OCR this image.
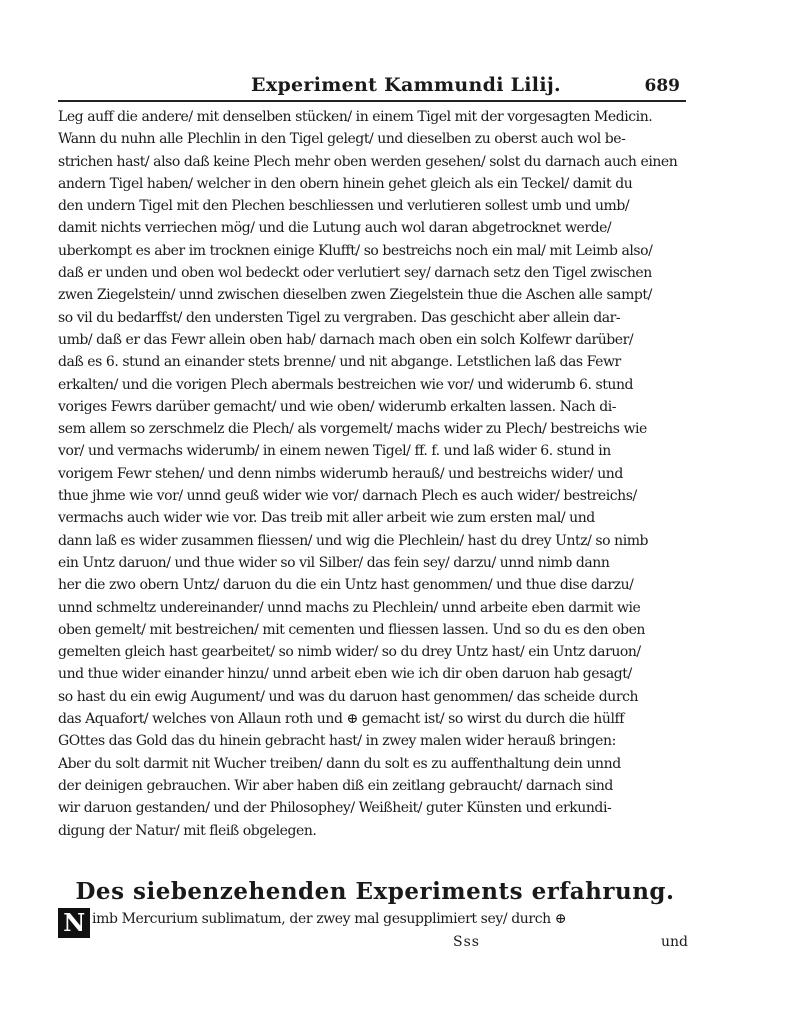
Experiment Kammundi Lilij.	689
Leg auff die andere/ mit denselben stücken/ in einem Tigel mit der vorgesagten Medicin.
Wann du nuhn alle Plechlin in den Tigel gelegt/ und dieselben zu oberst auch wol be-
strichen hast/ also daß keine Plech mehr oben werden gesehen/ solst du darnach auch einen
andern Tigel haben/ welcher in den obern hinein gehet gleich als ein Teckel/ damit du
den undern Tigel mit den Plechen beschliessen und verlutieren sollest umb und umb/
damit nichts verriechen mög/ und die Lutung auch wol daran abgetrocknet werde/
uberkompt es aber im trocknen einige Klufft/ so bestreichs noch ein mal/ mit Leimb also/
daß er unden und oben wol bedeckt oder verlutiert sey/ darnach setz den Tigel zwischen
zwen Ziegelstein/ unnd zwischen dieselben zwen Ziegelstein thue die Aschen alle sampt/
so vil du bedarffst/ den understen Tigel zu vergraben. Das geschicht aber allein dar-
umb/ daß er das Fewr allein oben hab/ darnach mach oben ein solch Kolfewr darüber/
daß es 6. stund an einander stets brenne/ und nit abgange. Letstlichen laß das Fewr
erkalten/ und die vorigen Plech abermals bestreichen wie vor/ und widerumb 6. stund
voriges Fewrs darüber gemacht/ und wie oben/ widerumb erkalten lassen. Nach di-
sem allem so zerschmelz die Plech/ als vorgemelt/ machs wider zu Plech/ bestreichs wie
vor/ und vermachs widerumb/ in einem newen Tigel/ ff. f. und laß wider 6. stund in
vorigem Fewr stehen/ und denn nimbs widerumb herauß/ und bestreichs wider/ und
thue jhme wie vor/ unnd geuß wider wie vor/ darnach Plech es auch wider/ bestreichs/
vermachs auch wider wie vor. Das treib mit aller arbeit wie zum ersten mal/ und
dann laß es wider zusammen fliessen/ und wig die Plechlein/ hast du drey Untz/ so nimb
ein Untz daruon/ und thue wider so vil Silber/ das fein sey/ darzu/ unnd nimb dann
her die zwo obern Untz/ daruon du die ein Untz hast genommen/ und thue dise darzu/
unnd schmeltz undereinander/ unnd machs zu Plechlein/ unnd arbeite eben darmit wie
oben gemelt/ mit bestreichen/ mit cementen und fliessen lassen. Und so du es den oben
gemelten gleich hast gearbeitet/ so nimb wider/ so du drey Untz hast/ ein Untz daruon/
und thue wider einander hinzu/ unnd arbeit eben wie ich dir oben daruon hab gesagt/
so hast du ein ewig Augument/ und was du daruon hast genommen/ das scheide durch
das Aquafort/ welches von Allaun roth und ⊕ gemacht ist/ so wirst du durch die hülff
GOttes das Gold das du hinein gebracht hast/ in zwey malen wider herauß bringen:
Aber du solt darmit nit Wucher treiben/ dann du solt es zu auffenthaltung dein unnd
der deinigen gebrauchen. Wir aber haben diß ein zeitlang gebraucht/ darnach sind
wir daruon gestanden/ und der Philosophey/ Weißheit/ guter Künsten und erkundi-
digung der Natur/ mit fleiß obgelegen.
Des siebenzehenden Experiments erfahrung.
N imb Mercurium sublimatum, der zwey mal gesupplimiert sey/ durch ⊕
Sss	und
